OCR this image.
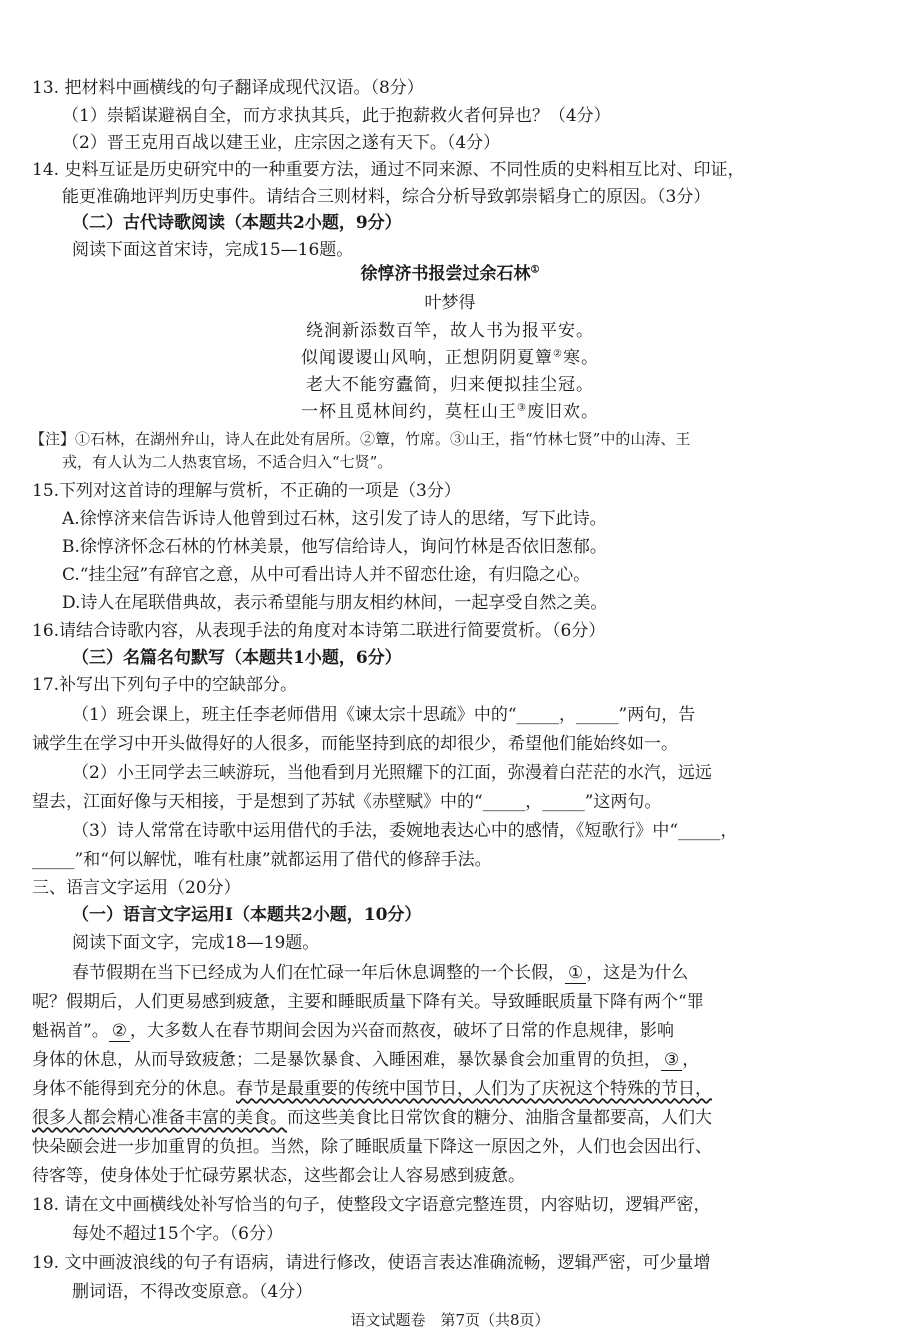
13. 把材料中画横线的句子翻译成现代汉语。（8分）
（1）崇韬谋避祸自全，而方求执其兵，此于抱薪救火者何异也？（4分）
（2）晋王克用百战以建王业，庄宗因之遂有天下。（4分）
14. 史料互证是历史研究中的一种重要方法，通过不同来源、不同性质的史料相互比对、印证，
能更准确地评判历史事件。请结合三则材料，综合分析导致郭崇韬身亡的原因。（3分）
（二）古代诗歌阅读（本题共2小题，9分）
阅读下面这首宋诗，完成15—16题。
徐惇济书报尝过余石林①
叶梦得
绕涧新添数百竿，故人书为报平安。
似闻谡谡山风响，正想阴阴夏簟②寒。
老大不能穷蠹简，归来便拟挂尘冠。
一杯且觅林间约，莫枉山王③废旧欢。
【注】①石林，在湖州弁山，诗人在此处有居所。②簟，竹席。③山王，指“竹林七贤”中的山涛、王
戎，有人认为二人热衷官场，不适合归入“七贤”。
15.下列对这首诗的理解与赏析，不正确的一项是（3分）
A.徐惇济来信告诉诗人他曾到过石林，这引发了诗人的思绪，写下此诗。
B.徐惇济怀念石林的竹林美景，他写信给诗人，询问竹林是否依旧葱郁。
C.“挂尘冠”有辞官之意，从中可看出诗人并不留恋仕途，有归隐之心。
D.诗人在尾联借典故，表示希望能与朋友相约林间，一起享受自然之美。
16.请结合诗歌内容，从表现手法的角度对本诗第二联进行简要赏析。（6分）
（三）名篇名句默写（本题共1小题，6分）
17.补写出下列句子中的空缺部分。
（1）班会课上，班主任李老师借用《谏太宗十思疏》中的“_____，_____”两句，告
诫学生在学习中开头做得好的人很多，而能坚持到底的却很少，希望他们能始终如一。
（2）小王同学去三峡游玩，当他看到月光照耀下的江面，弥漫着白茫茫的水汽，远远
望去，江面好像与天相接，于是想到了苏轼《赤壁赋》中的“_____，_____”这两句。
（3）诗人常常在诗歌中运用借代的手法，委婉地表达心中的感情，《短歌行》中“_____，
_____”和“何以解忧，唯有杜康”就都运用了借代的修辞手法。
三、语言文字运用（20分）
（一）语言文字运用Ⅰ（本题共2小题，10分）
阅读下面文字，完成18—19题。
春节假期在当下已经成为人们在忙碌一年后休息调整的一个长假， ① ，这是为什么
呢？假期后，人们更易感到疲惫，主要和睡眠质量下降有关。导致睡眠质量下降有两个“罪
魁祸首”。 ② ，大多数人在春节期间会因为兴奋而熬夜，破坏了日常的作息规律，影响
身体的休息，从而导致疲惫；二是暴饮暴食、入睡困难，暴饮暴食会加重胃的负担， ③ ，
身体不能得到充分的休息。春节是最重要的传统中国节日，人们为了庆祝这个特殊的节日，
很多人都会精心准备丰富的美食。而这些美食比日常饮食的糖分、油脂含量都要高，人们大
快朵颐会进一步加重胃的负担。当然，除了睡眠质量下降这一原因之外，人们也会因出行、
待客等，使身体处于忙碌劳累状态，这些都会让人容易感到疲惫。
18. 请在文中画横线处补写恰当的句子，使整段文字语意完整连贯，内容贴切，逻辑严密，
每处不超过15个字。（6分）
19. 文中画波浪线的句子有语病，请进行修改，使语言表达准确流畅，逻辑严密，可少量增
删词语，不得改变原意。（4分）
语文试题卷　第7页（共8页）
